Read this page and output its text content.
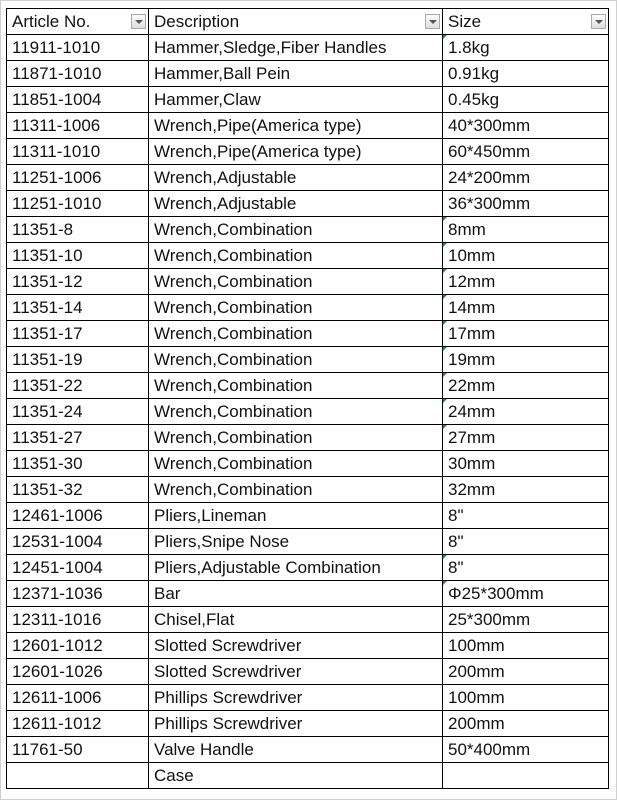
Article No.	Description	Size

11911-1010	Hammer,Sledge,Fiber Handles	1.8kg
11871-1010	Hammer,Ball Pein	0.91kg
11851-1004	Hammer,Claw	0.45kg
11311-1006	Wrench,Pipe(America type)	40*300mm
11311-1010	Wrench,Pipe(America type)	60*450mm
11251-1006	Wrench,Adjustable	24*200mm
11251-1010	Wrench,Adjustable	36*300mm
11351-8	Wrench,Combination	8mm
11351-10	Wrench,Combination	10mm
11351-12	Wrench,Combination	12mm
11351-14	Wrench,Combination	14mm
11351-17	Wrench,Combination	17mm
11351-19	Wrench,Combination	19mm
11351-22	Wrench,Combination	22mm
11351-24	Wrench,Combination	24mm
11351-27	Wrench,Combination	27mm
11351-30	Wrench,Combination	30mm
11351-32	Wrench,Combination	32mm
12461-1006	Pliers,Lineman	8"
12531-1004	Pliers,Snipe Nose	8"
12451-1004	Pliers,Adjustable Combination	8"
12371-1036	Bar	Φ25*300mm
12311-1016	Chisel,Flat	25*300mm
12601-1012	Slotted Screwdriver	100mm
12601-1026	Slotted Screwdriver	200mm
12611-1006	Phillips Screwdriver	100mm
12611-1012	Phillips Screwdriver	200mm
11761-50	Valve Handle	50*400mm
	Case	
